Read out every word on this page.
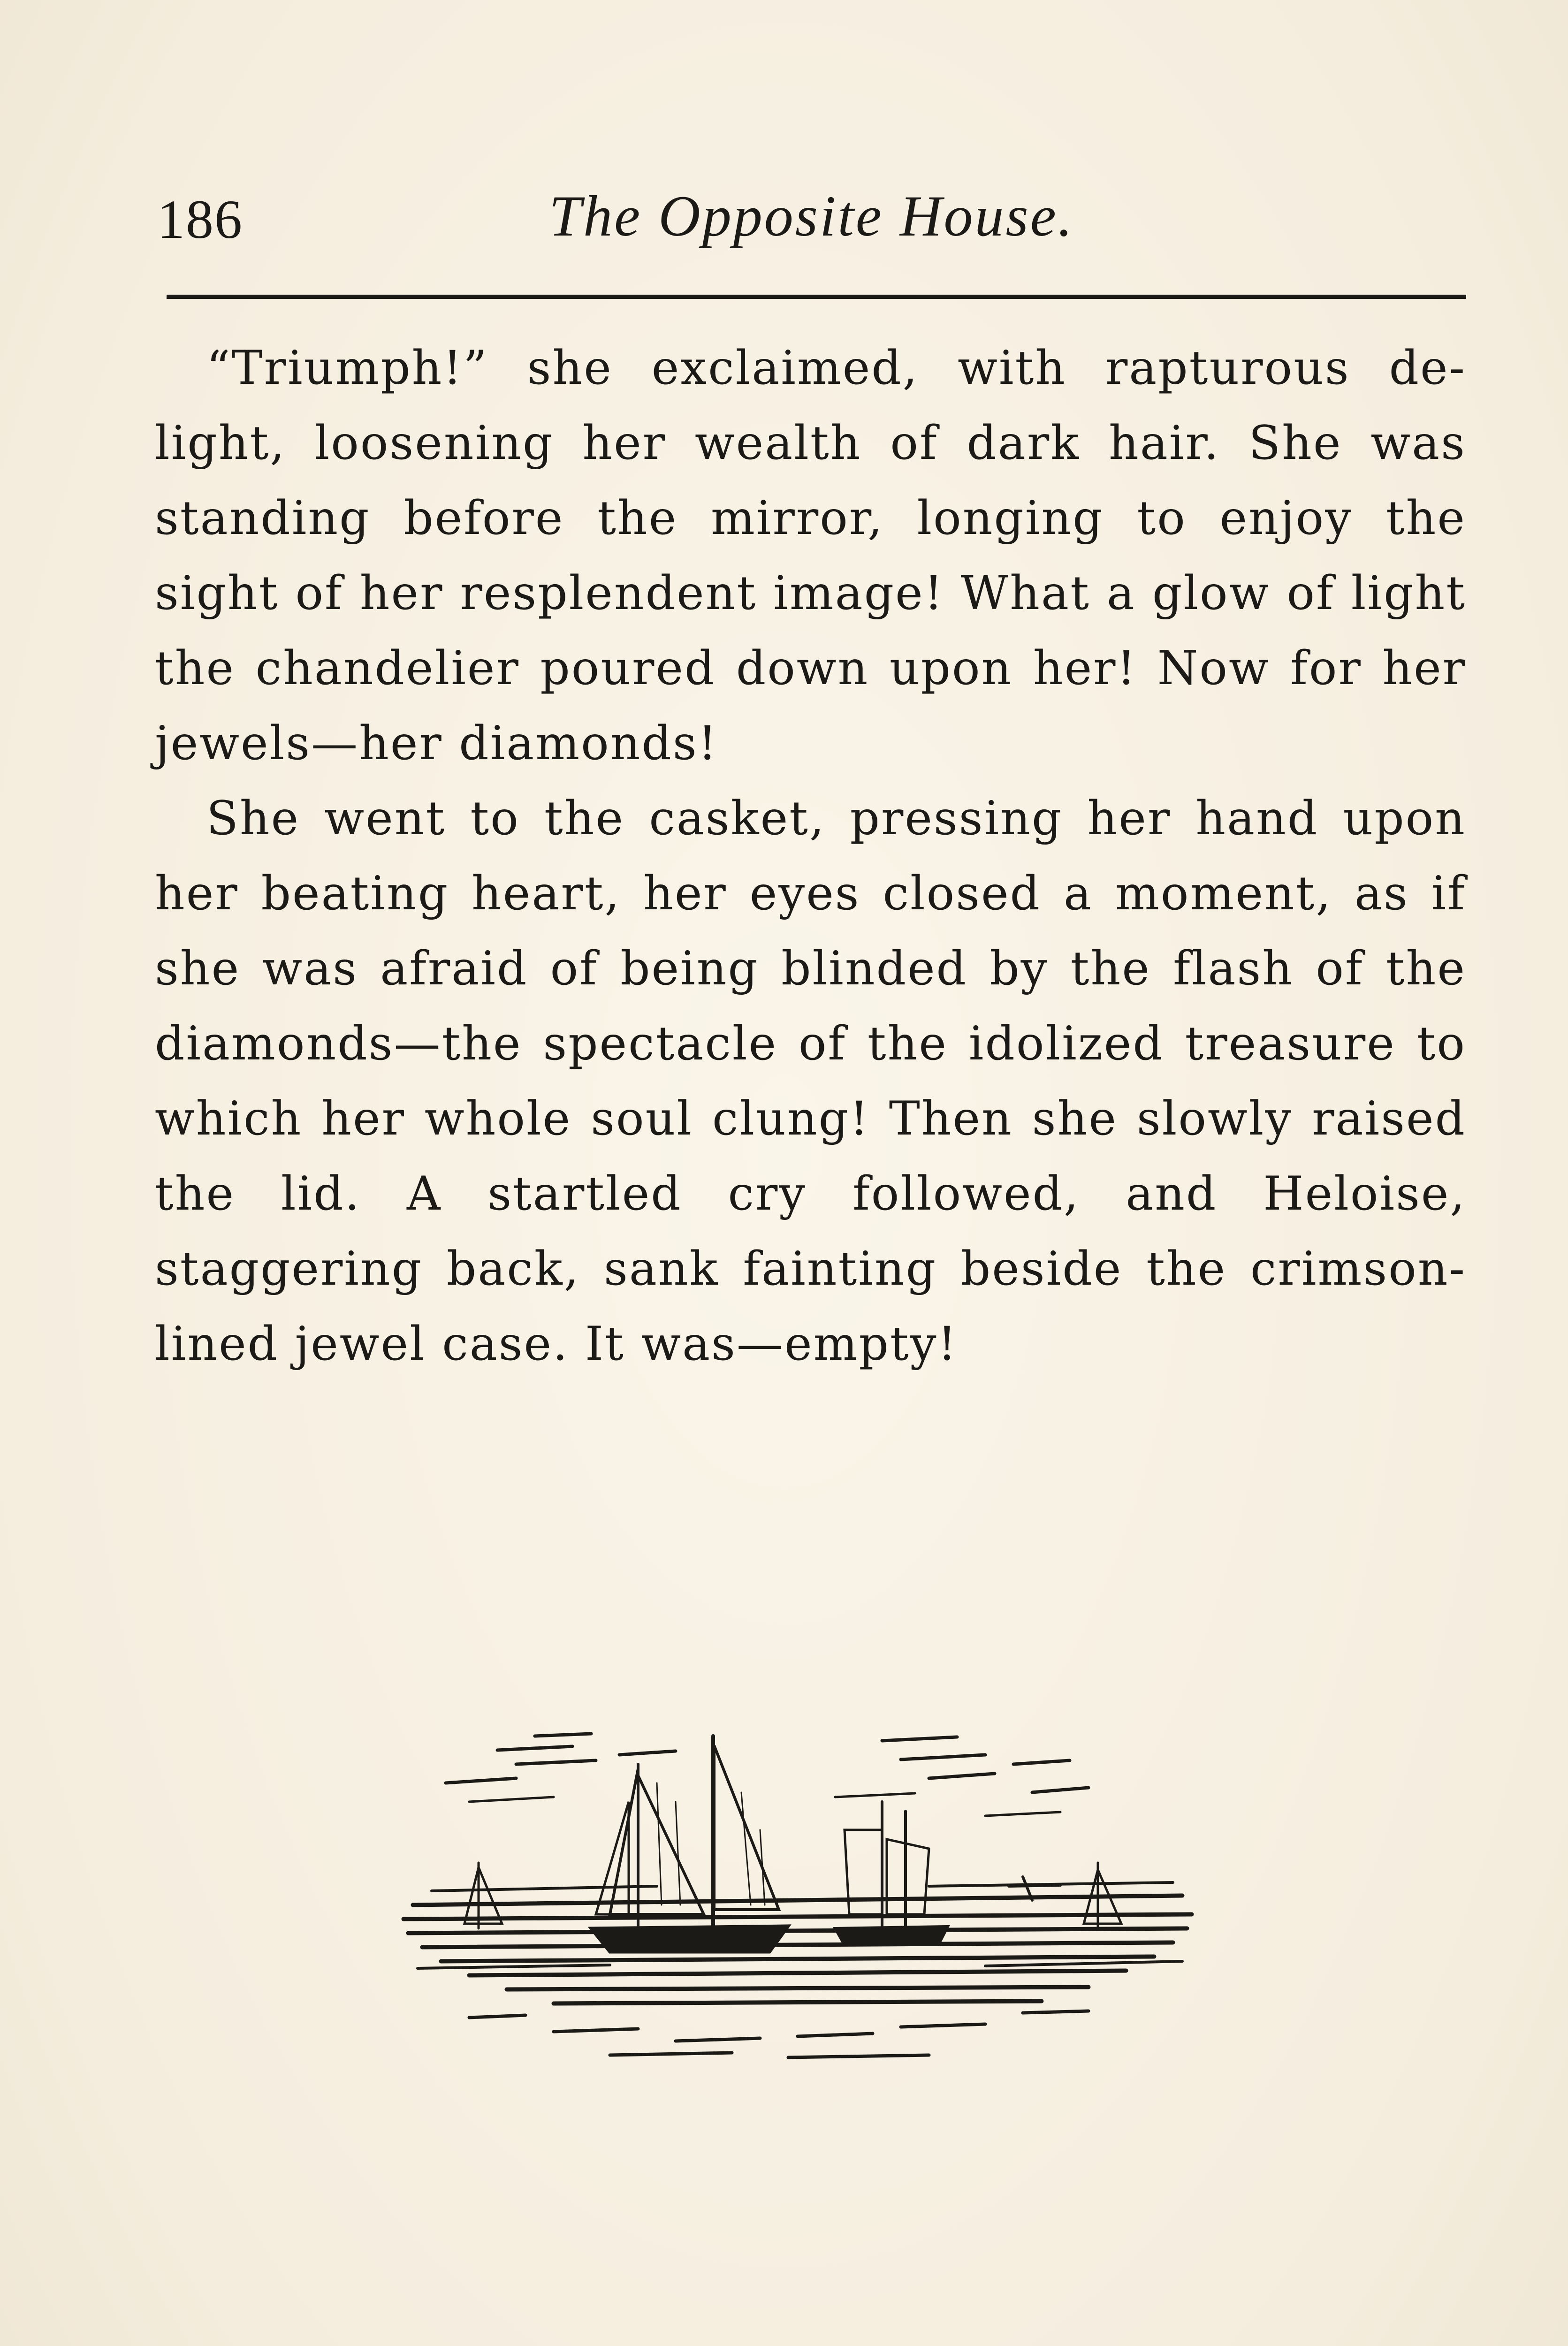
186	The Opposite House.

“Triumph!” she exclaimed, with rapturous de-light, loosening her wealth of dark hair. She was standing before the mirror, longing to enjoy the sight of her resplendent image! What a glow of light the chandelier poured down upon her! Now for her jewels—her diamonds!

She went to the casket, pressing her hand upon her beating heart, her eyes closed a moment, as if she was afraid of being blinded by the flash of the diamonds—the spectacle of the idolized treasure to which her whole soul clung! Then she slowly raised the lid. A startled cry followed, and Heloise, staggering back, sank fainting beside the crimson-lined jewel case. It was—empty!
